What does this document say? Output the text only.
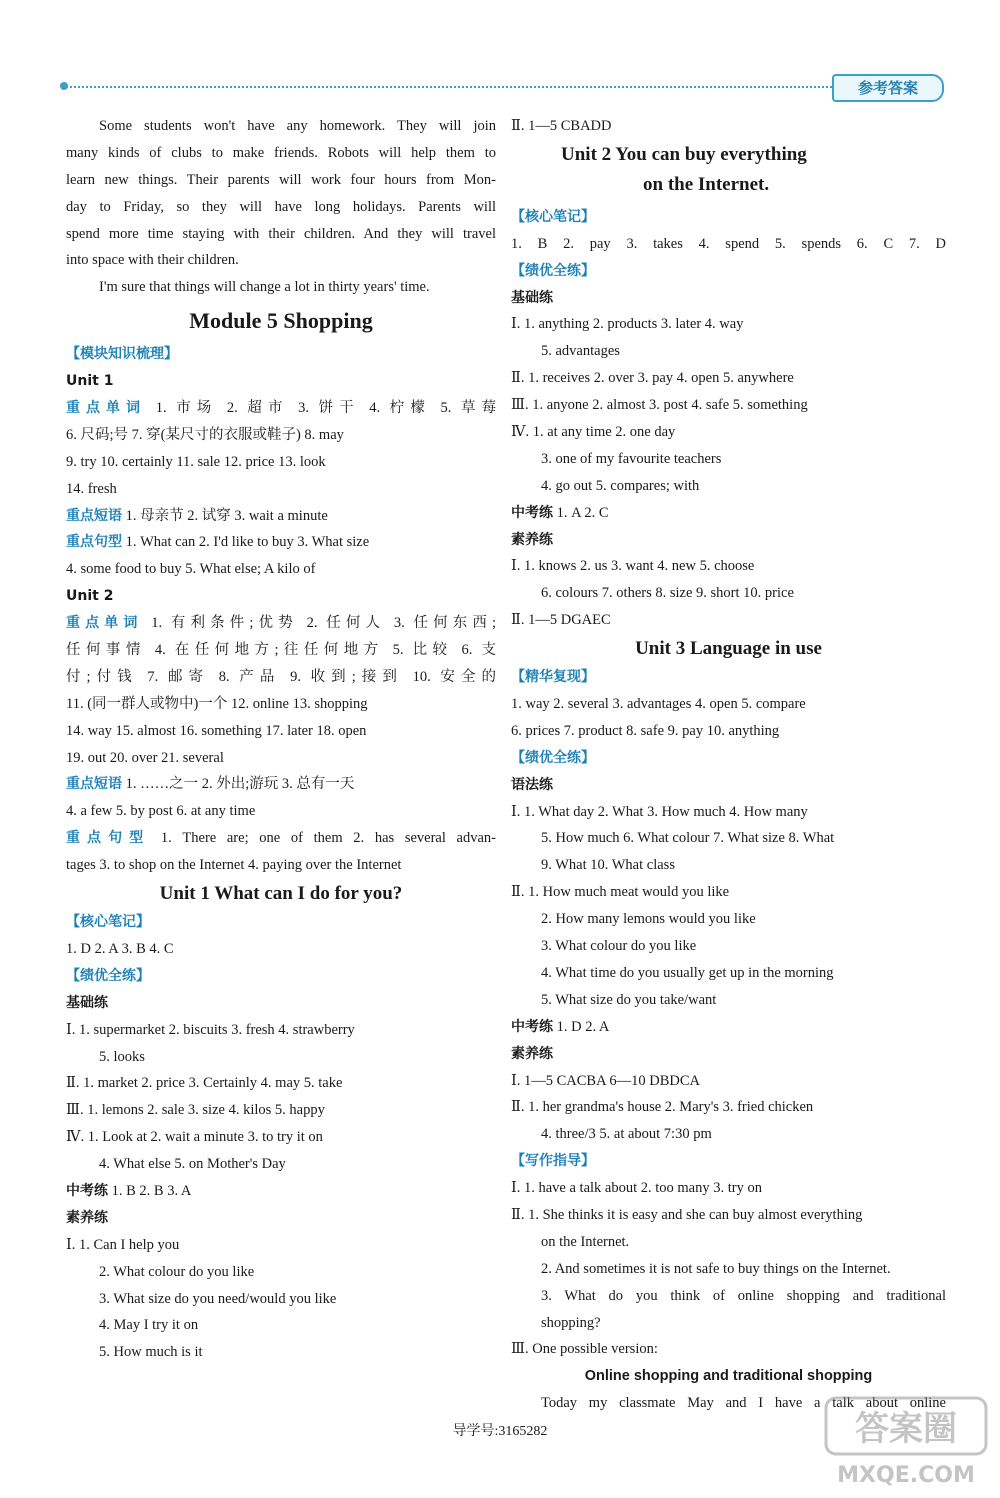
参考答案
Some students won't have any homework. They will join
many kinds of clubs to make friends. Robots will help them to
learn new things. Their parents will work four hours from Mon-
day to Friday, so they will have long holidays. Parents will
spend more time staying with their children. And they will travel
into space with their children.
I'm sure that things will change a lot in thirty years' time.
Module 5 Shopping
【模块知识梳理】
Unit 1
重点单词 1. 市场 2. 超市 3. 饼干 4. 柠檬 5. 草莓
6. 尺码;号 7. 穿(某尺寸的衣服或鞋子) 8. may
9. try 10. certainly 11. sale 12. price 13. look
14. fresh
重点短语 1. 母亲节 2. 试穿 3. wait a minute
重点句型 1. What can 2. I'd like to buy 3. What size
4. some food to buy 5. What else; A kilo of
Unit 2
重点单词 1. 有利条件;优势 2. 任何人 3. 任何东西;
任何事情 4. 在任何地方;往任何地方 5. 比较 6. 支
付;付钱 7. 邮寄 8. 产品 9. 收到;接到 10. 安全的
11. (同一群人或物中)一个 12. online 13. shopping
14. way 15. almost 16. something 17. later 18. open
19. out 20. over 21. several
重点短语 1. ……之一 2. 外出;游玩 3. 总有一天
4. a few 5. by post 6. at any time
重点句型 1. There are; one of them 2. has several advan-
tages 3. to shop on the Internet 4. paying over the Internet
Unit 1 What can I do for you?
【核心笔记】
1. D 2. A 3. B 4. C
【绩优全练】
基础练
Ⅰ. 1. supermarket 2. biscuits 3. fresh 4. strawberry
5. looks
Ⅱ. 1. market 2. price 3. Certainly 4. may 5. take
Ⅲ. 1. lemons 2. sale 3. size 4. kilos 5. happy
Ⅳ. 1. Look at 2. wait a minute 3. to try it on
4. What else 5. on Mother's Day
中考练 1. B 2. B 3. A
素养练
Ⅰ. 1. Can I help you
2. What colour do you like
3. What size do you need/would you like
4. May I try it on
5. How much is it
Ⅱ. 1—5 CBADD
Unit 2 You can buy everything
on the Internet.
【核心笔记】
1. B 2. pay 3. takes 4. spend 5. spends 6. C 7. D
【绩优全练】
基础练
Ⅰ. 1. anything 2. products 3. later 4. way
5. advantages
Ⅱ. 1. receives 2. over 3. pay 4. open 5. anywhere
Ⅲ. 1. anyone 2. almost 3. post 4. safe 5. something
Ⅳ. 1. at any time 2. one day
3. one of my favourite teachers
4. go out 5. compares; with
中考练 1. A 2. C
素养练
Ⅰ. 1. knows 2. us 3. want 4. new 5. choose
6. colours 7. others 8. size 9. short 10. price
Ⅱ. 1—5 DGAEC
Unit 3 Language in use
【精华复现】
1. way 2. several 3. advantages 4. open 5. compare
6. prices 7. product 8. safe 9. pay 10. anything
【绩优全练】
语法练
Ⅰ. 1. What day 2. What 3. How much 4. How many
5. How much 6. What colour 7. What size 8. What
9. What 10. What class
Ⅱ. 1. How much meat would you like
2. How many lemons would you like
3. What colour do you like
4. What time do you usually get up in the morning
5. What size do you take/want
中考练 1. D 2. A
素养练
Ⅰ. 1—5 CACBA 6—10 DBDCA
Ⅱ. 1. her grandma's house 2. Mary's 3. fried chicken
4. three/3 5. at about 7:30 pm
【写作指导】
Ⅰ. 1. have a talk about 2. too many 3. try on
Ⅱ. 1. She thinks it is easy and she can buy almost everything
on the Internet.
2. And sometimes it is not safe to buy things on the Internet.
3. What do you think of online shopping and traditional
shopping?
Ⅲ. One possible version:
Online shopping and traditional shopping
Today my classmate May and I have a talk about online
导学号:3165282	答案圈
MXQE.COM
